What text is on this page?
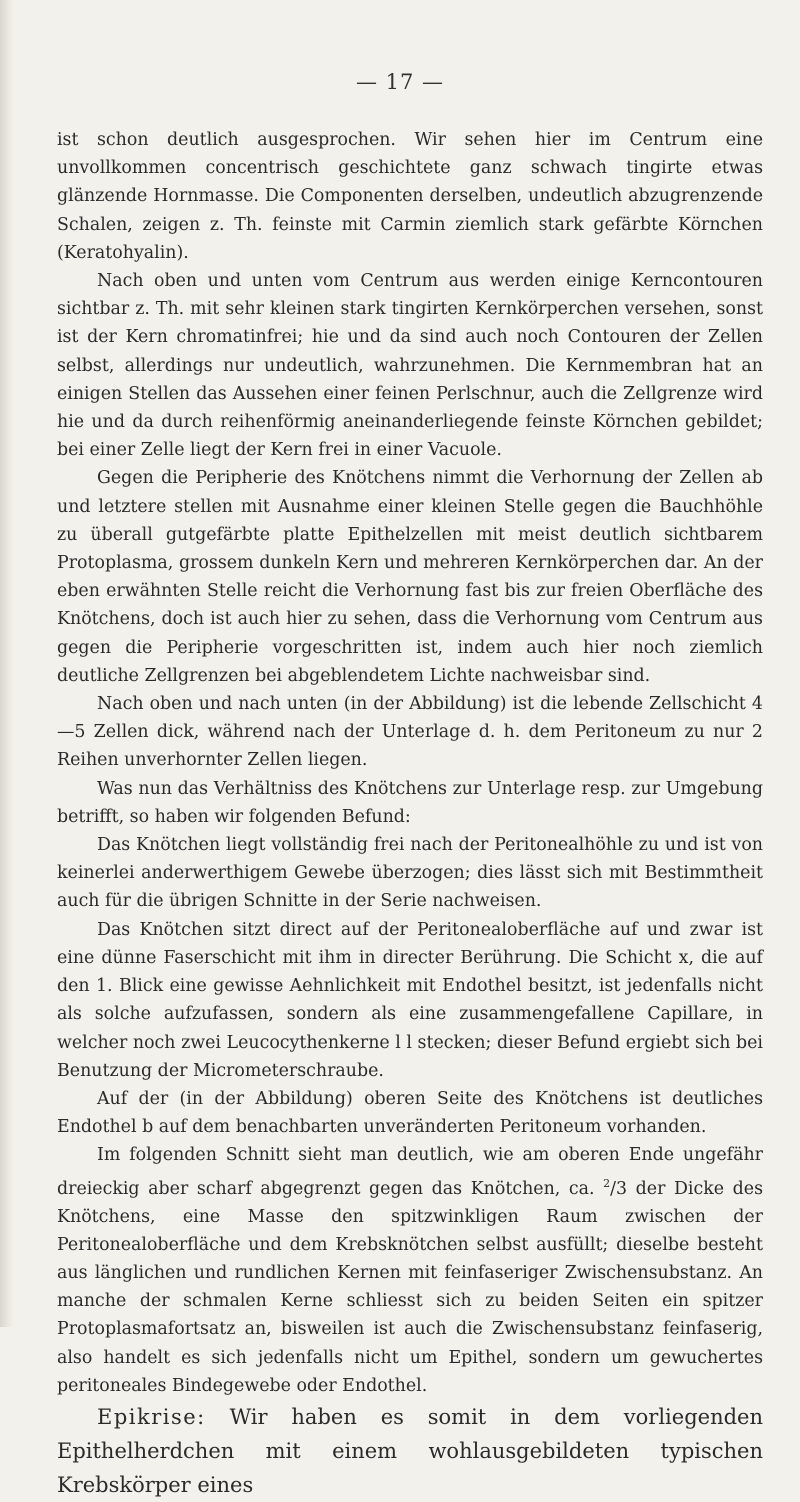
— 17 —

ist schon deutlich ausgesprochen. Wir sehen hier im Centrum eine unvollkommen concentrisch geschichtete ganz schwach tingirte etwas glänzende Hornmasse. Die Componenten derselben, undeutlich abzugrenzende Schalen, zeigen z. Th. feinste mit Carmin ziemlich stark gefärbte Körnchen (Keratohyalin).

Nach oben und unten vom Centrum aus werden einige Kerncontouren sichtbar z. Th. mit sehr kleinen stark tingirten Kernkörperchen versehen, sonst ist der Kern chromatinfrei; hie und da sind auch noch Contouren der Zellen selbst, allerdings nur undeutlich, wahrzunehmen. Die Kernmembran hat an einigen Stellen das Aussehen einer feinen Perlschnur, auch die Zellgrenze wird hie und da durch reihenförmig aneinanderliegende feinste Körnchen gebildet; bei einer Zelle liegt der Kern frei in einer Vacuole.

Gegen die Peripherie des Knötchens nimmt die Verhornung der Zellen ab und letztere stellen mit Ausnahme einer kleinen Stelle gegen die Bauchhöhle zu überall gutgefärbte platte Epithelzellen mit meist deutlich sichtbarem Protoplasma, grossem dunkeln Kern und mehreren Kernkörperchen dar. An der eben erwähnten Stelle reicht die Verhornung fast bis zur freien Oberfläche des Knötchens, doch ist auch hier zu sehen, dass die Verhornung vom Centrum aus gegen die Peripherie vorgeschritten ist, indem auch hier noch ziemlich deutliche Zellgrenzen bei abgeblendetem Lichte nachweisbar sind.

Nach oben und nach unten (in der Abbildung) ist die lebende Zellschicht 4—5 Zellen dick, während nach der Unterlage d. h. dem Peritoneum zu nur 2 Reihen unverhornter Zellen liegen.

Was nun das Verhältniss des Knötchens zur Unterlage resp. zur Umgebung betrifft, so haben wir folgenden Befund:

Das Knötchen liegt vollständig frei nach der Peritonealhöhle zu und ist von keinerlei anderwerthigem Gewebe überzogen; dies lässt sich mit Bestimmtheit auch für die übrigen Schnitte in der Serie nachweisen.

Das Knötchen sitzt direct auf der Peritonealoberfläche auf und zwar ist eine dünne Faserschicht mit ihm in directer Berührung. Die Schicht x, die auf den 1. Blick eine gewisse Aehnlichkeit mit Endothel besitzt, ist jedenfalls nicht als solche aufzufassen, sondern als eine zusammengefallene Capillare, in welcher noch zwei Leucocythenkerne l l stecken; dieser Befund ergiebt sich bei Benutzung der Micrometerschraube.

Auf der (in der Abbildung) oberen Seite des Knötchens ist deutliches Endothel b auf dem benachbarten unveränderten Peritoneum vorhanden.

Im folgenden Schnitt sieht man deutlich, wie am oberen Ende ungefähr dreieckig aber scharf abgegrenzt gegen das Knötchen, ca. $^2$/3 der Dicke des Knötchens, eine Masse den spitzwinkligen Raum zwischen der Peritonealoberfläche und dem Krebsknötchen selbst ausfüllt; dieselbe besteht aus länglichen und rundlichen Kernen mit feinfaseriger Zwischensubstanz. An manche der schmalen Kerne schliesst sich zu beiden Seiten ein spitzer Protoplasmafortsatz an, bisweilen ist auch die Zwischensubstanz feinfaserig, also handelt es sich jedenfalls nicht um Epithel, sondern um gewuchertes peritoneales Bindegewebe oder Endothel.

Epikrise: Wir haben es somit in dem vorliegenden Epithelherdchen mit einem wohlausgebildeten typischen Krebskörper eines
